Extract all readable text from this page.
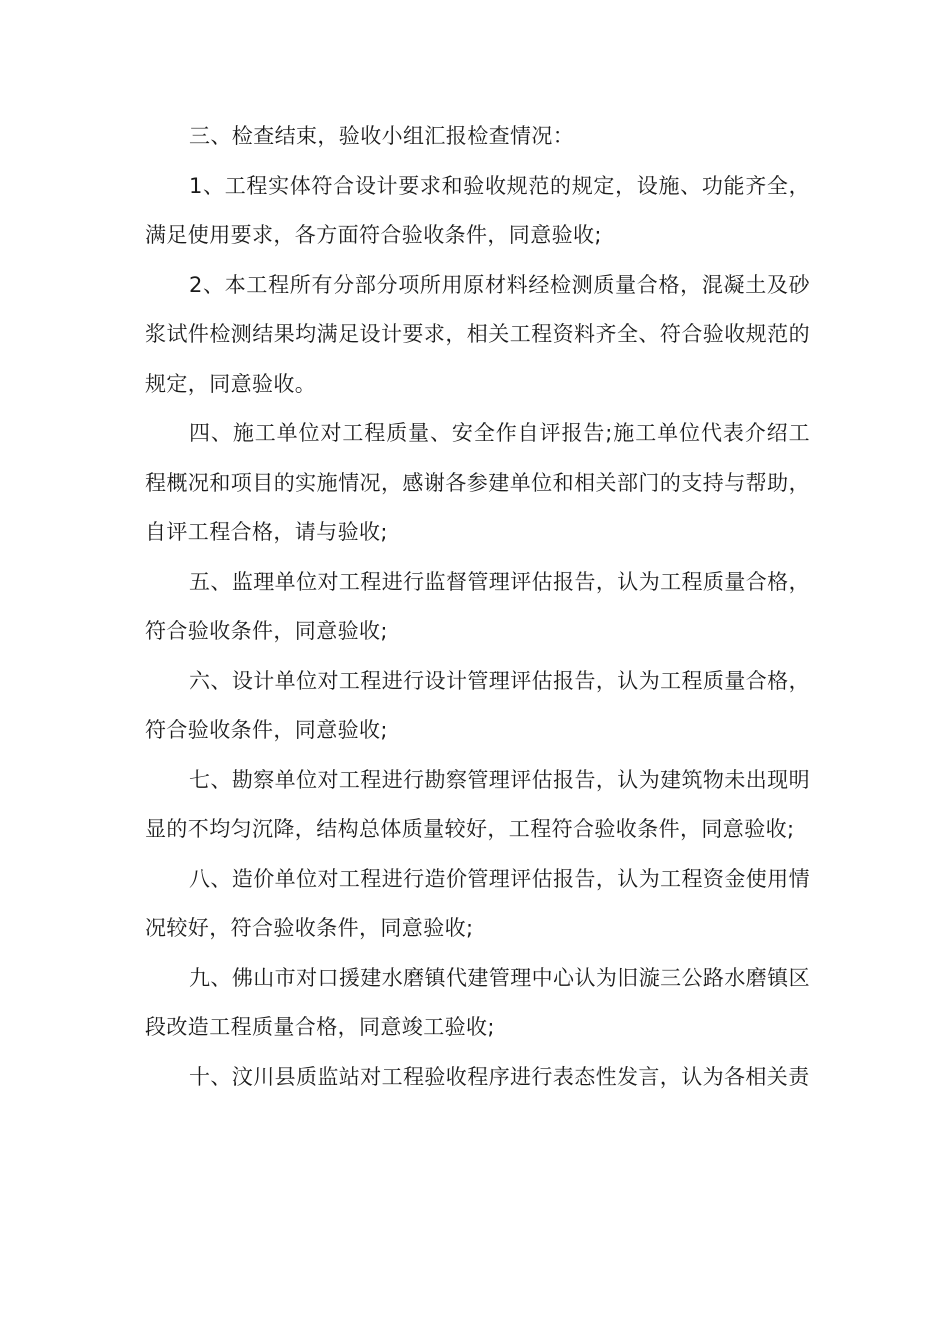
三、检查结束，验收小组汇报检查情况：

1、工程实体符合设计要求和验收规范的规定，设施、功能齐全，满足使用要求，各方面符合验收条件，同意验收;

2、本工程所有分部分项所用原材料经检测质量合格，混凝土及砂浆试件检测结果均满足设计要求，相关工程资料齐全、符合验收规范的规定，同意验收。

四、施工单位对工程质量、安全作自评报告;施工单位代表介绍工程概况和项目的实施情况，感谢各参建单位和相关部门的支持与帮助，自评工程合格，请与验收;

五、监理单位对工程进行监督管理评估报告，认为工程质量合格，符合验收条件，同意验收;

六、设计单位对工程进行设计管理评估报告，认为工程质量合格，符合验收条件，同意验收;

七、勘察单位对工程进行勘察管理评估报告，认为建筑物未出现明显的不均匀沉降，结构总体质量较好，工程符合验收条件，同意验收;

八、造价单位对工程进行造价管理评估报告，认为工程资金使用情况较好，符合验收条件，同意验收;

九、佛山市对口援建水磨镇代建管理中心认为旧漩三公路水磨镇区段改造工程质量合格，同意竣工验收;

十、汶川县质监站对工程验收程序进行表态性发言，认为各相关责
